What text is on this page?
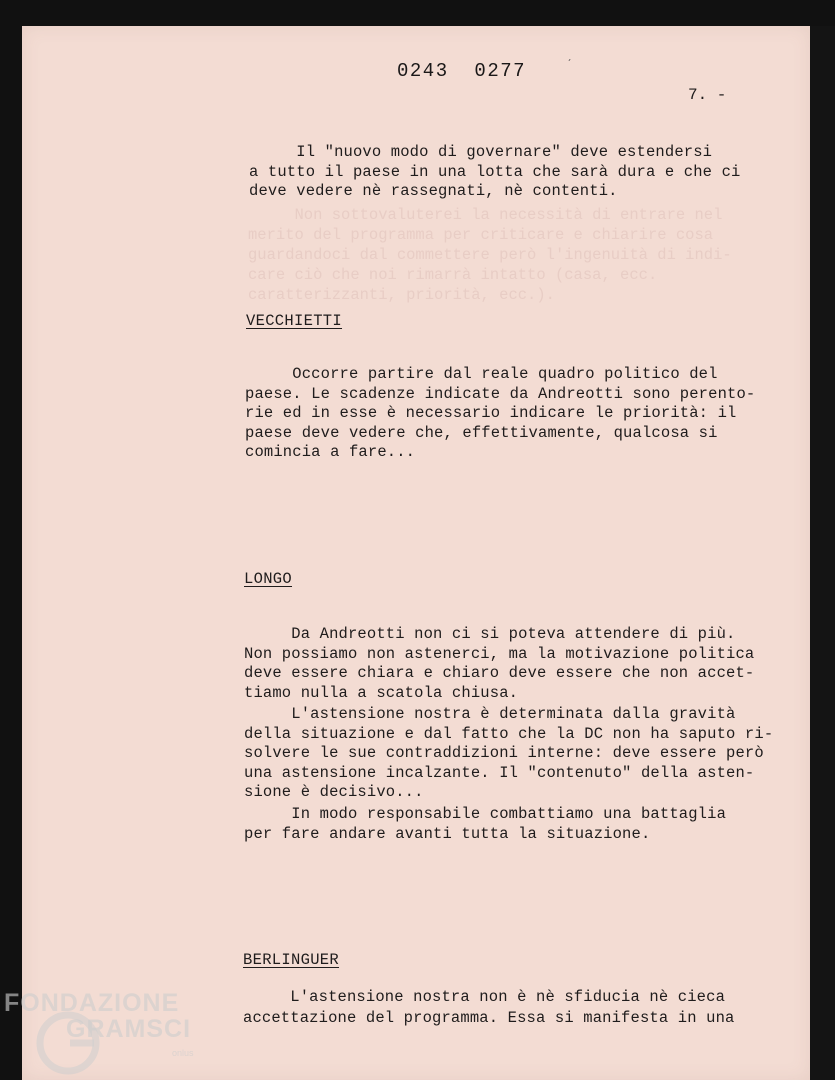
0243  0277	ˊ
7. -
Il "nuovo modo di governare" deve estendersi
a tutto il paese in una lotta che sarà dura e che ci
deve vedere nè rassegnati, nè contenti.
Non sottovaluterei la necessità di entrare nel
merito del programma per criticare e chiarire cosa
guardandoci dal commettere però l'ingenuità di indi-
care ciò che noi rimarrà intatto (casa, ecc.
caratterizzanti, priorità, ecc.).
VECCHIETTI
Occorre partire dal reale quadro politico del
paese. Le scadenze indicate da Andreotti sono perento-
rie ed in esse è necessario indicare le priorità: il
paese deve vedere che, effettivamente, qualcosa si
comincia a fare...
LONGO
Da Andreotti non ci si poteva attendere di più.
Non possiamo non astenerci, ma la motivazione politica
deve essere chiara e chiaro deve essere che non accet-
tiamo nulla a scatola chiusa.
L'astensione nostra è determinata dalla gravità
della situazione e dal fatto che la DC non ha saputo ri-
solvere le sue contraddizioni interne: deve essere però
una astensione incalzante. Il "contenuto" della asten-
sione è decisivo...
In modo responsabile combattiamo una battaglia
per fare andare avanti tutta la situazione.
BERLINGUER
L'astensione nostra non è nè sfiducia nè cieca
accettazione del programma. Essa si manifesta in una
FONDAZIONE
GRAMSCI
onlus
